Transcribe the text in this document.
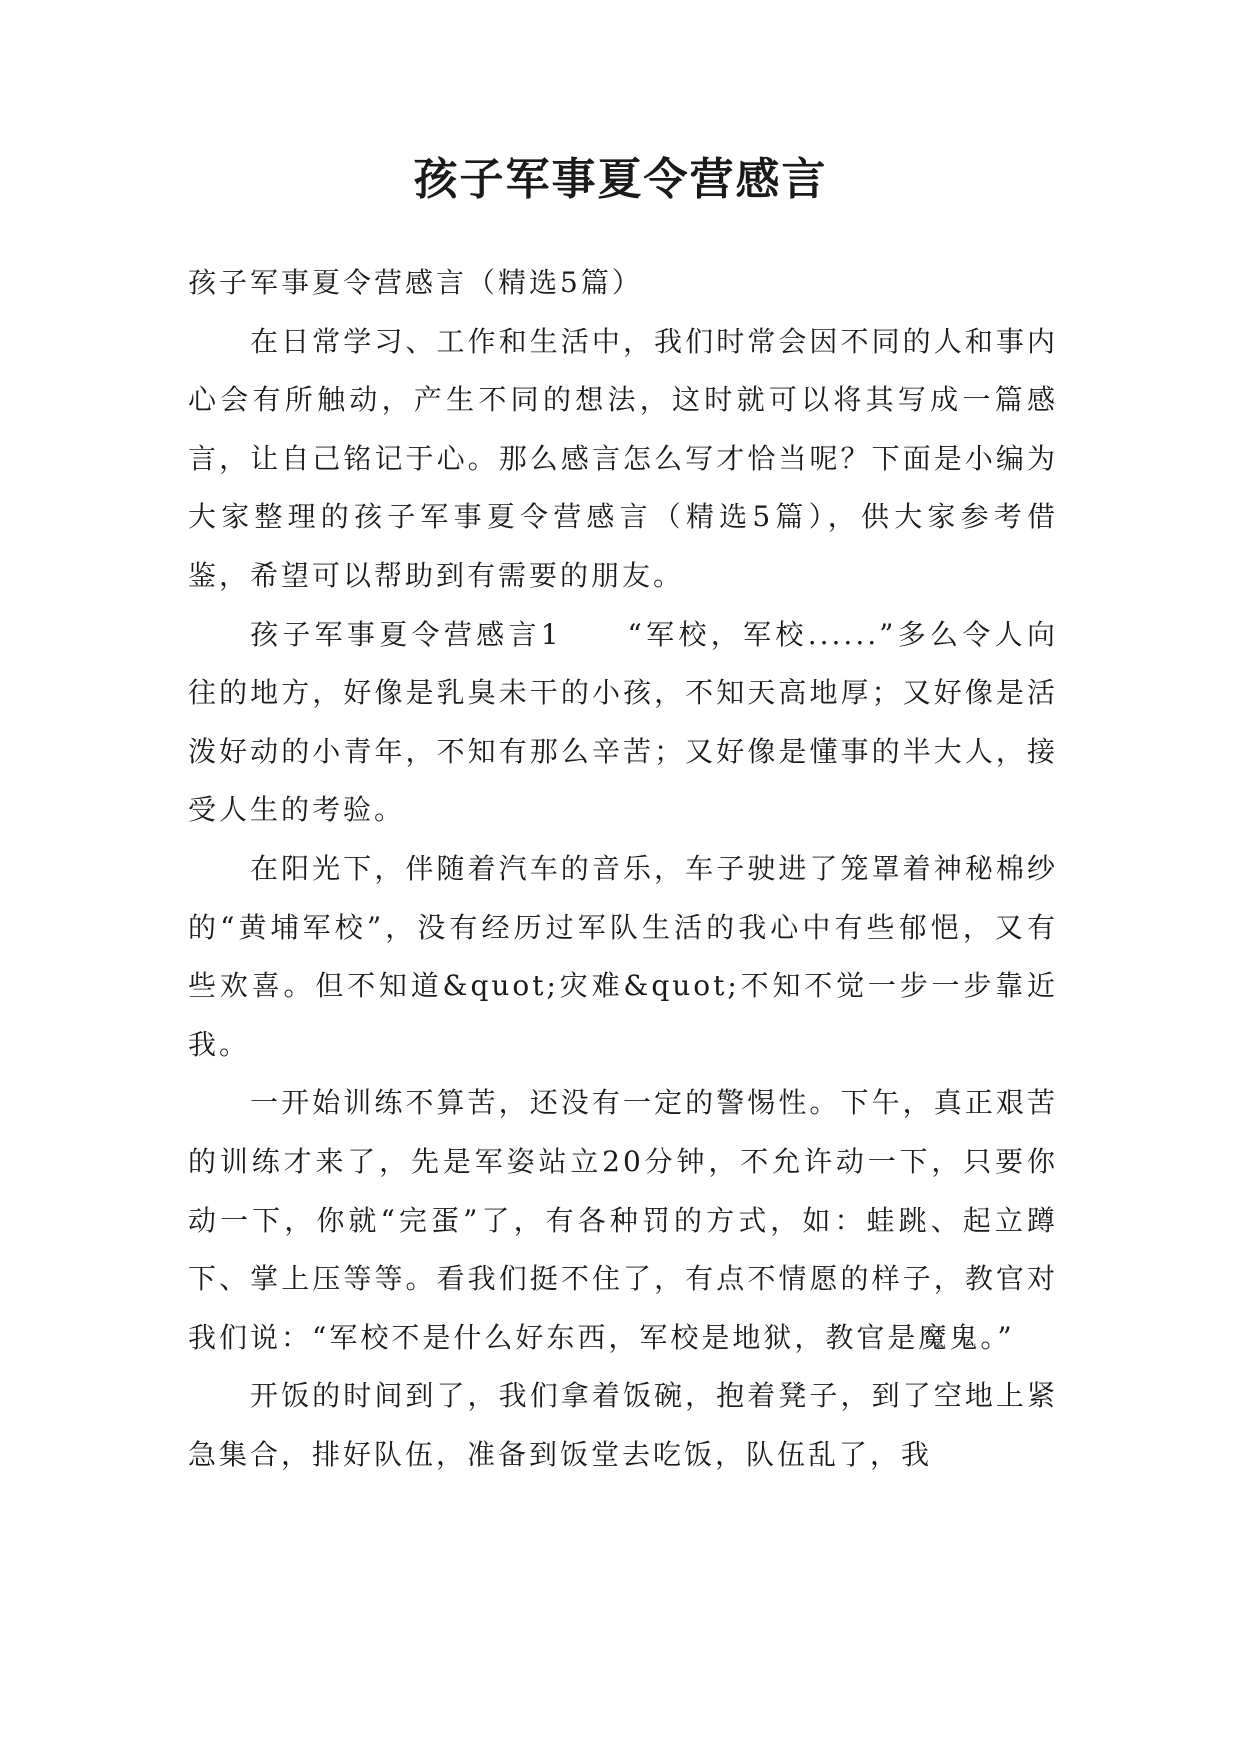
孩子军事夏令营感言

孩子军事夏令营感言（精选5篇）

在日常学习、工作和生活中，我们时常会因不同的人和事内心会有所触动，产生不同的想法，这时就可以将其写成一篇感言，让自己铭记于心。那么感言怎么写才恰当呢？下面是小编为大家整理的孩子军事夏令营感言（精选5篇），供大家参考借鉴，希望可以帮助到有需要的朋友。

孩子军事夏令营感言1　　“军校，军校......”多么令人向往的地方，好像是乳臭未干的小孩，不知天高地厚；又好像是活泼好动的小青年，不知有那么辛苦；又好像是懂事的半大人，接受人生的考验。

在阳光下，伴随着汽车的音乐，车子驶进了笼罩着神秘棉纱的“黄埔军校”，没有经历过军队生活的我心中有些郁悒，又有些欢喜。但不知道&quot;灾难&quot;不知不觉一步一步靠近我。

一开始训练不算苦，还没有一定的警惕性。下午，真正艰苦的训练才来了，先是军姿站立20分钟，不允许动一下，只要你动一下，你就“完蛋”了，有各种罚的方式，如：蛙跳、起立蹲下、掌上压等等。看我们挺不住了，有点不情愿的样子，教官对我们说：“军校不是什么好东西，军校是地狱，教官是魔鬼。”

开饭的时间到了，我们拿着饭碗，抱着凳子，到了空地上紧急集合，排好队伍，准备到饭堂去吃饭，队伍乱了，我
